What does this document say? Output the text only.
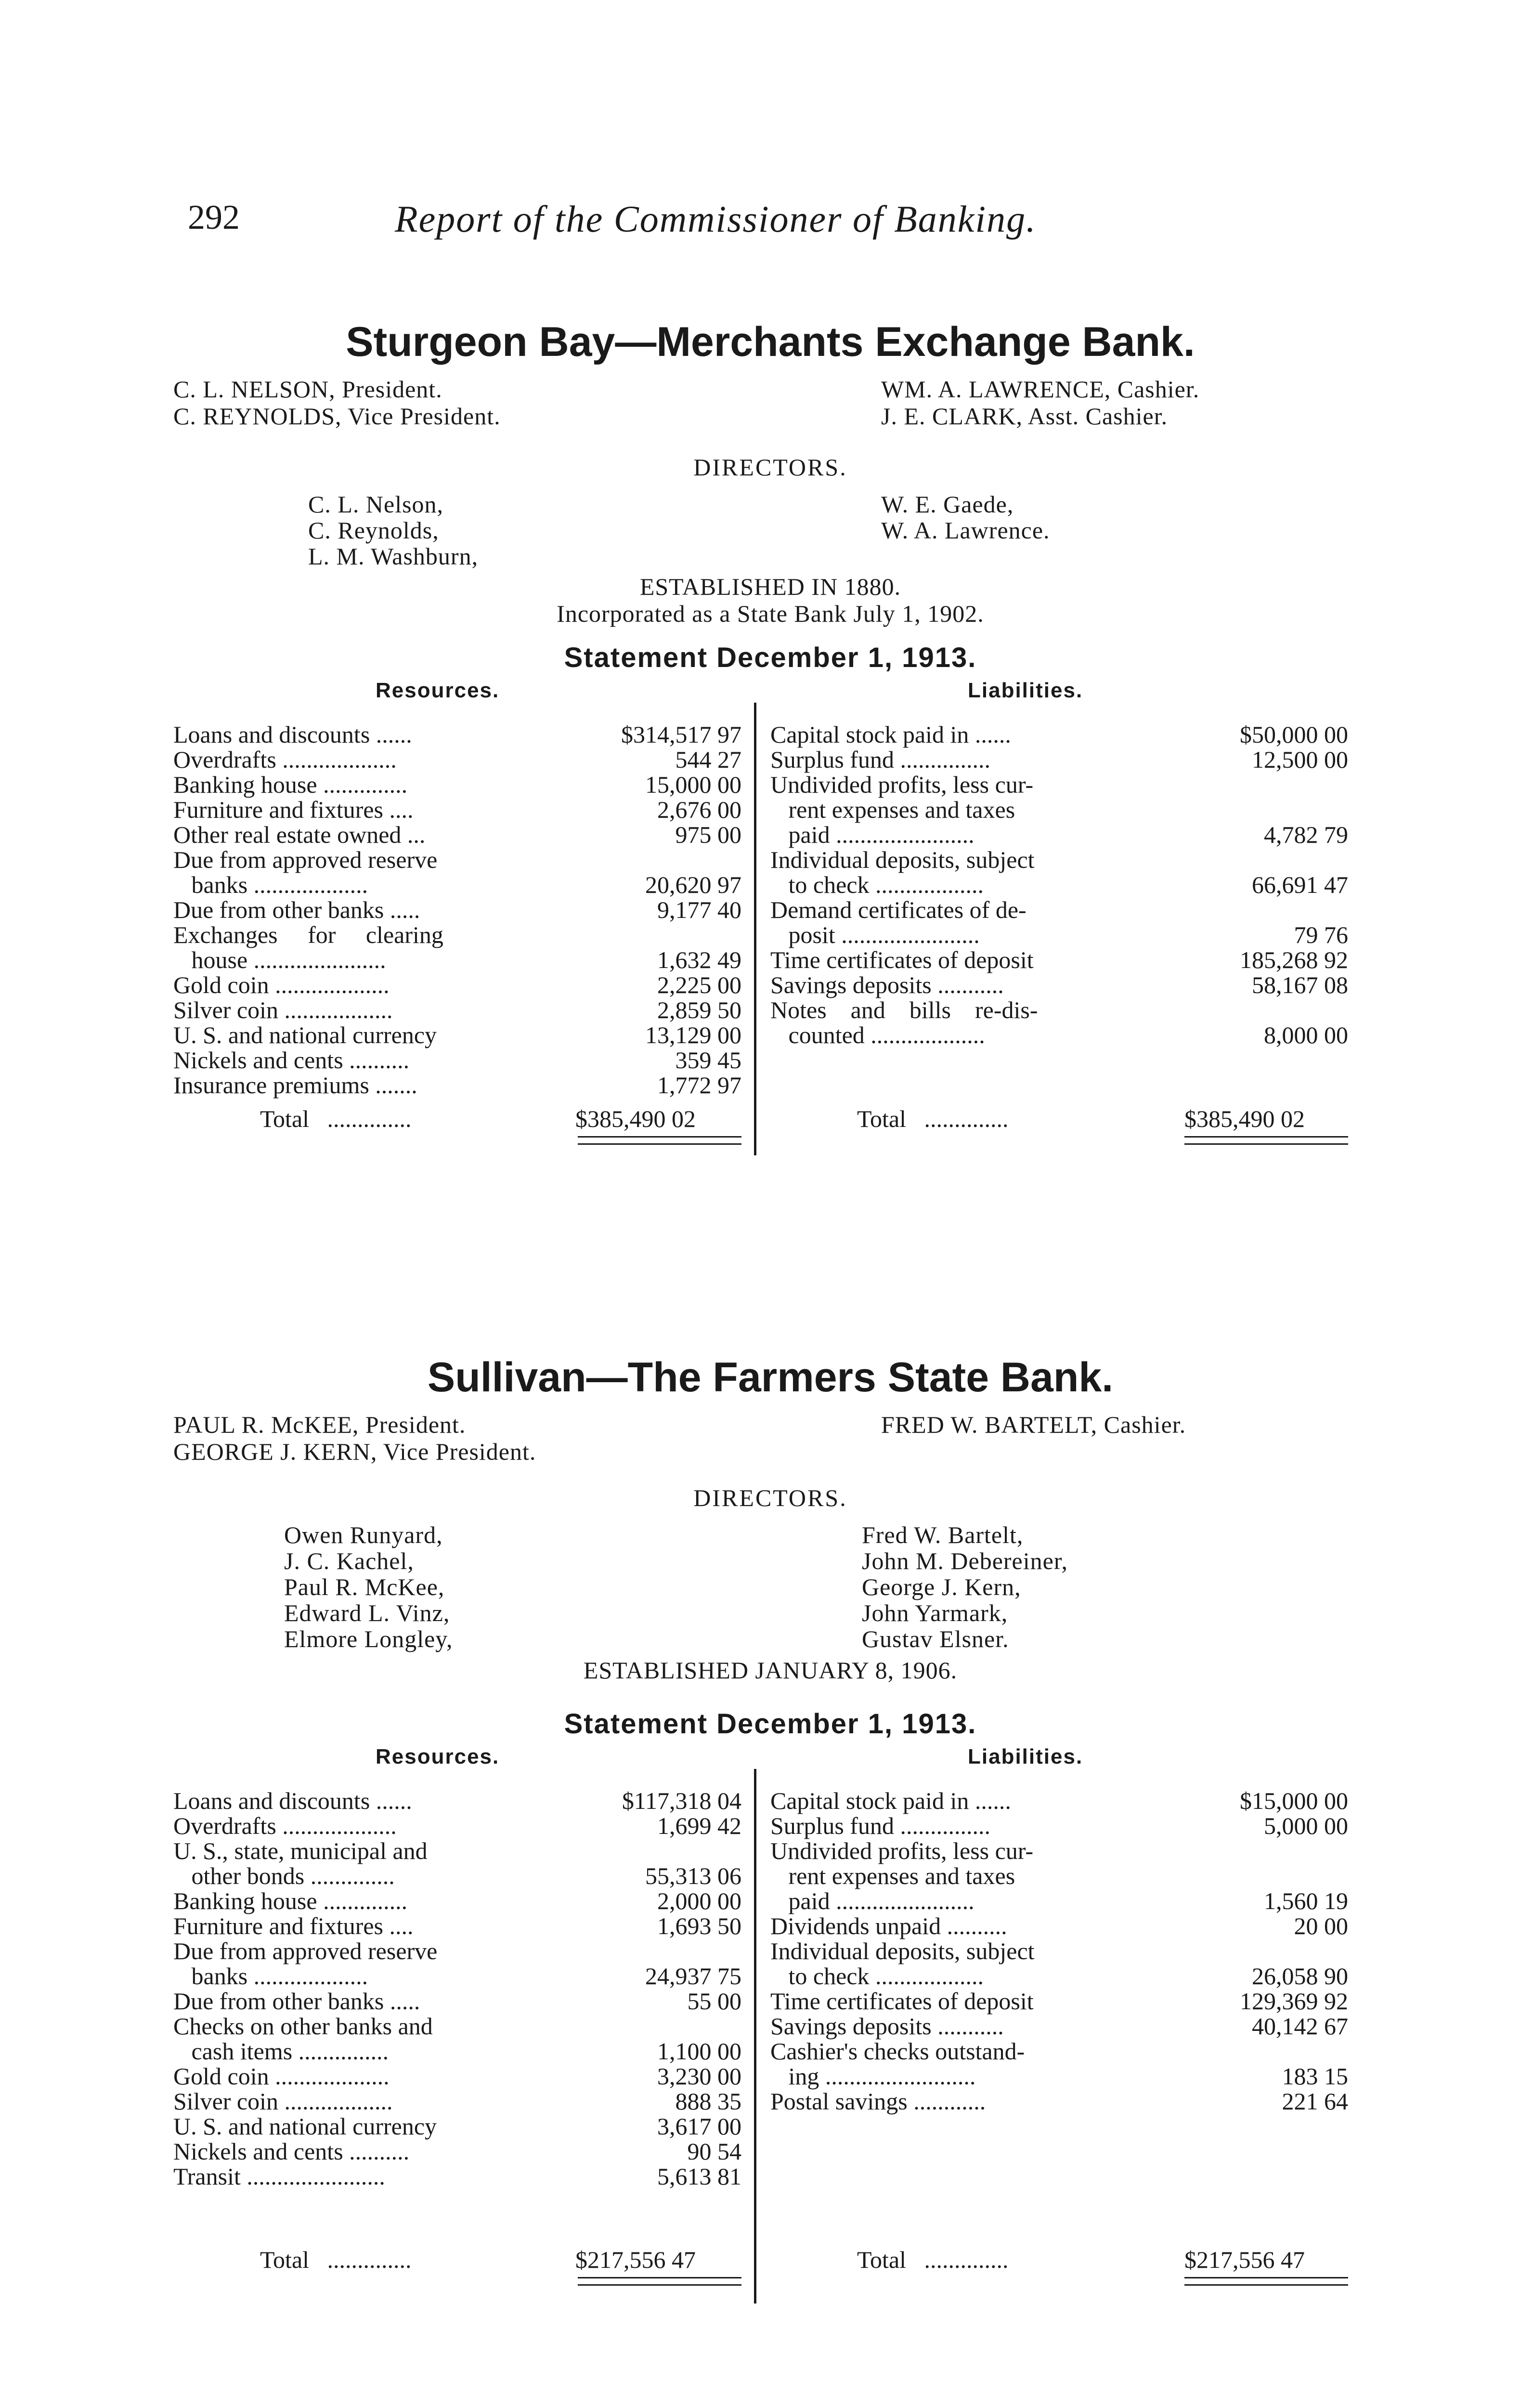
292	Report of the Commissioner of Banking.
Sturgeon Bay—Merchants Exchange Bank.
C. L. NELSON, President.
C. REYNOLDS, Vice President.
WM. A. LAWRENCE, Cashier.
J. E. CLARK, Asst. Cashier.
DIRECTORS.
C. L. Nelson,
C. Reynolds,
L. M. Washburn,
W. E. Gaede,
W. A. Lawrence.
ESTABLISHED IN 1880.
Incorporated as a State Bank July 1, 1902.
Statement December 1, 1913.
Resources.	Liabilities.
Loans and discounts ......	$314,517 97
Overdrafts ...................	544 27
Banking house ..............	15,000 00
Furniture and fixtures ....	2,676 00
Other real estate owned ...	975 00
Due from approved reserve
banks ...................	20,620 97
Due from other banks .....	9,177 40
Exchanges     for     clearing
house ......................	1,632 49
Gold coin ...................	2,225 00
Silver coin ..................	2,859 50
U. S. and national currency	13,129 00
Nickels and cents ..........	359 45
Insurance premiums .......	1,772 97
Capital stock paid in ......	$50,000 00
Surplus fund ...............	12,500 00
Undivided profits, less cur-
rent expenses and taxes
paid .......................	4,782 79
Individual deposits, subject
to check ..................	66,691 47
Demand certificates of de-
posit .......................	79 76
Time certificates of deposit	185,268 92
Savings deposits ...........	58,167 08
Notes    and    bills    re-dis-
counted ...................	8,000 00
Total ..............	$385,490 02	Total ..............	$385,490 02
Sullivan—The Farmers State Bank.
PAUL R. McKEE, President.
GEORGE J. KERN, Vice President.
FRED W. BARTELT, Cashier.
DIRECTORS.
Owen Runyard,
J. C. Kachel,
Paul R. McKee,
Edward L. Vinz,
Elmore Longley,
Fred W. Bartelt,
John M. Debereiner,
George J. Kern,
John Yarmark,
Gustav Elsner.
ESTABLISHED JANUARY 8, 1906.
Statement December 1, 1913.
Resources.	Liabilities.
Loans and discounts ......	$117,318 04
Overdrafts ...................	1,699 42
U. S., state, municipal and
other bonds ..............	55,313 06
Banking house ..............	2,000 00
Furniture and fixtures ....	1,693 50
Due from approved reserve
banks ...................	24,937 75
Due from other banks .....	55 00
Checks on other banks and
cash items ...............	1,100 00
Gold coin ...................	3,230 00
Silver coin ..................	888 35
U. S. and national currency	3,617 00
Nickels and cents ..........	90 54
Transit .......................	5,613 81
Capital stock paid in ......	$15,000 00
Surplus fund ...............	5,000 00
Undivided profits, less cur-
rent expenses and taxes
paid .......................	1,560 19
Dividends unpaid ..........	20 00
Individual deposits, subject
to check ..................	26,058 90
Time certificates of deposit	129,369 92
Savings deposits ...........	40,142 67
Cashier's checks outstand-
ing .........................	183 15
Postal savings ............	221 64
Total ..............	$217,556 47	Total ..............	$217,556 47
